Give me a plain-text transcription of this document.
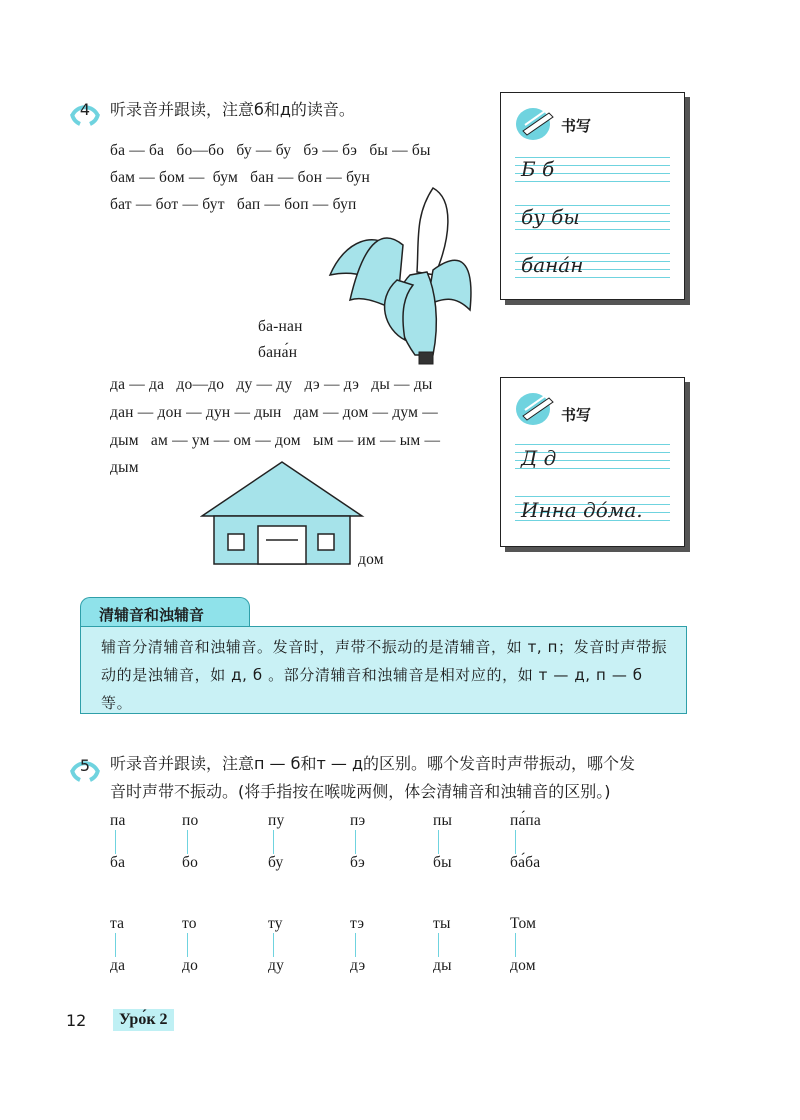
4 听录音并跟读，注意б和д的读音。
ба — ба   бо—бо   бу — бу   бэ — бэ   бы — бы
бам — бом —  бум   бан — бон — бун
бат — бот — бут   бап — боп — буп
ба-нан
бана́н
да — да   до—до   ду — ду   дэ — дэ   ды — ды
дан — дон — дун — дын   дам — дом — дум —
дым   ам — ум — ом — дом   ым — им — ым —
дым
дом
书写
Б б
бу бы
бана́н
书写
Д д
Инна до́ма.
清辅音和浊辅音
辅音分清辅音和浊辅音。发音时，声带不振动的是清辅音，如 т, п；发音时声带振动的是浊辅音，如 д, б 。部分清辅音和浊辅音是相对应的，如 т — д, п — б 等。
5 听录音并跟读，注意п — б和т — д的区别。哪个发音时声带振动，哪个发
音时声带不振动。(将手指按在喉咙两侧，体会清辅音和浊辅音的区别。)
па
ба
по
бо
пу
бу
пэ
бэ
пы
бы
па́па
ба́ба
та
да
то
до
ту
ду
тэ
дэ
ты
ды
Том
дом
12	Уро́к 2
